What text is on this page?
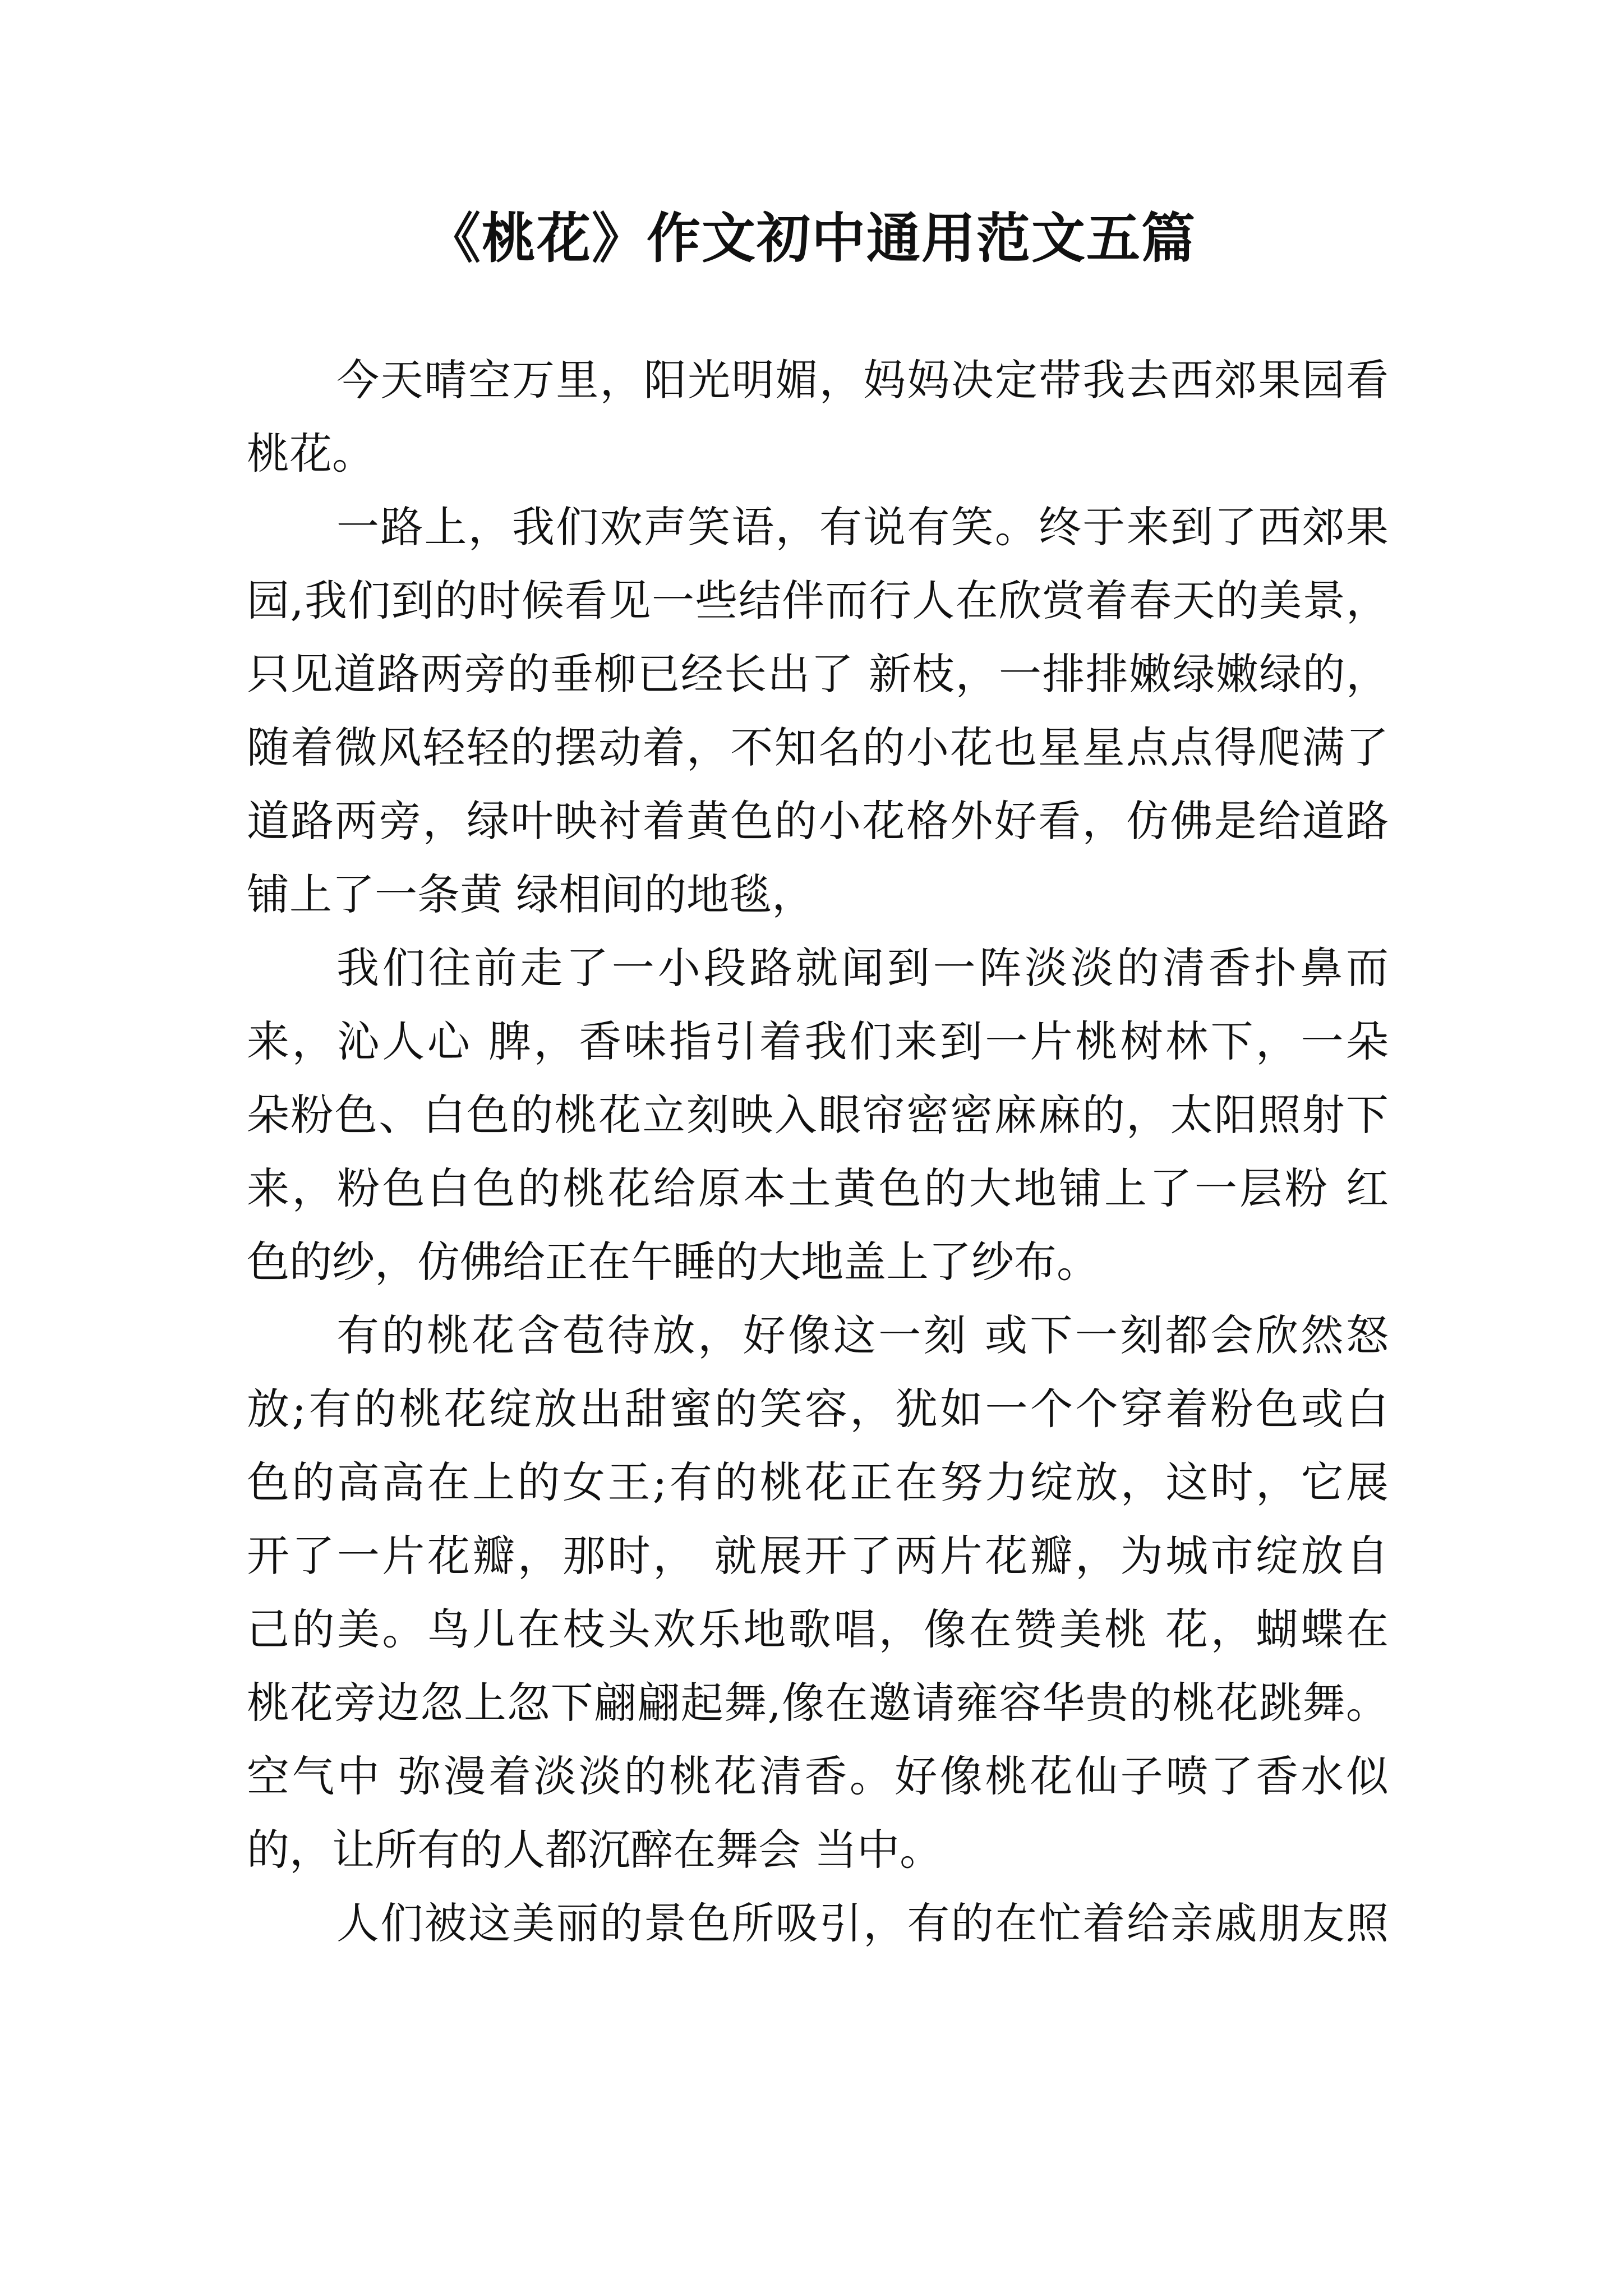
《桃花》作文初中通用范文五篇
今天晴空万里，阳光明媚，妈妈决定带我去西郊果园看
桃花。
一路上，我们欢声笑语，有说有笑。终于来到了西郊果
园,我们到的时候看见一些结伴而行人在欣赏着春天的美景，
只见道路两旁的垂柳已经长出了 新枝，一排排嫩绿嫩绿的，
随着微风轻轻的摆动着，不知名的小花也星星点点得爬满了
道路两旁，绿叶映衬着黄色的小花格外好看，仿佛是给道路
铺上了一条黄 绿相间的地毯，
我们往前走了一小段路就闻到一阵淡淡的清香扑鼻而
来，沁人心 脾，香味指引着我们来到一片桃树林下，一朵
朵粉色、白色的桃花立刻映入眼帘密密麻麻的，太阳照射下
来，粉色白色的桃花给原本土黄色的大地铺上了一层粉 红
色的纱，仿佛给正在午睡的大地盖上了纱布。
有的桃花含苞待放，好像这一刻 或下一刻都会欣然怒
放;有的桃花绽放出甜蜜的笑容，犹如一个个穿着粉色或白
色的高高在上的女王;有的桃花正在努力绽放，这时，它展
开了一片花瓣，那时， 就展开了两片花瓣，为城市绽放自
己的美。鸟儿在枝头欢乐地歌唱，像在赞美桃 花，蝴蝶在
桃花旁边忽上忽下翩翩起舞,像在邀请雍容华贵的桃花跳舞。
空气中 弥漫着淡淡的桃花清香。好像桃花仙子喷了香水似
的，让所有的人都沉醉在舞会 当中。
人们被这美丽的景色所吸引，有的在忙着给亲戚朋友照
